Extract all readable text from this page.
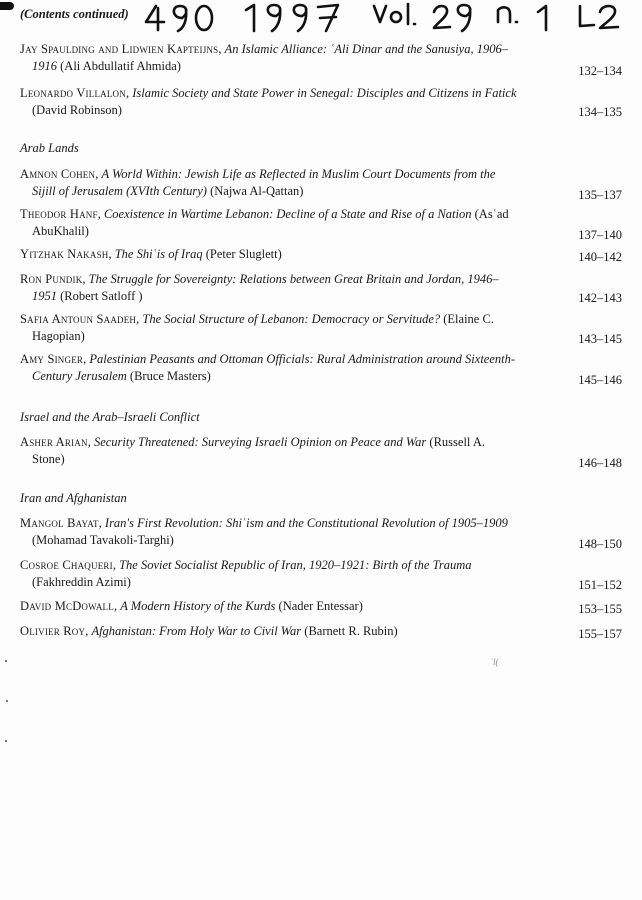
(Contents continued)
Jay Spaulding and Lidwien Kapteijns, An Islamic Alliance: ʿAli Dinar and the Sanusiya, 1906–
1916 (Ali Abdullatif Ahmida)	132–134
Leonardo Villalon, Islamic Society and State Power in Senegal: Disciples and Citizens in Fatick
(David Robinson)	134–135
Arab Lands
Amnon Cohen, A World Within: Jewish Life as Reflected in Muslim Court Documents from the
Sijill of Jerusalem (XVIth Century) (Najwa Al-Qattan)	135–137
Theodor Hanf, Coexistence in Wartime Lebanon: Decline of a State and Rise of a Nation (Asʿad
AbuKhalil)	137–140
Yitzhak Nakash, The Shiʿis of Iraq (Peter Sluglett)	140–142
Ron Pundik, The Struggle for Sovereignty: Relations between Great Britain and Jordan, 1946–
1951 (Robert Satloff )	142–143
Safia Antoun Saadeh, The Social Structure of Lebanon: Democracy or Servitude? (Elaine C.
Hagopian)	143–145
Amy Singer, Palestinian Peasants and Ottoman Officials: Rural Administration around Sixteenth-
Century Jerusalem (Bruce Masters)	145–146
Israel and the Arab–Israeli Conflict
Asher Arian, Security Threatened: Surveying Israeli Opinion on Peace and War (Russell A.
Stone)	146–148
Iran and Afghanistan
Mangol Bayat, Iran's First Revolution: Shiʿism and the Constitutional Revolution of 1905–1909
(Mohamad Tavakoli-Targhi)	148–150
Cosroe Chaqueri, The Soviet Socialist Republic of Iran, 1920–1921: Birth of the Trauma
(Fakhreddin Azimi)	151–152
David McDowall, A Modern History of the Kurds (Nader Entessar)	153–155
Olivier Roy, Afghanistan: From Holy War to Civil War (Barnett R. Rubin)	155–157
ʿl(
